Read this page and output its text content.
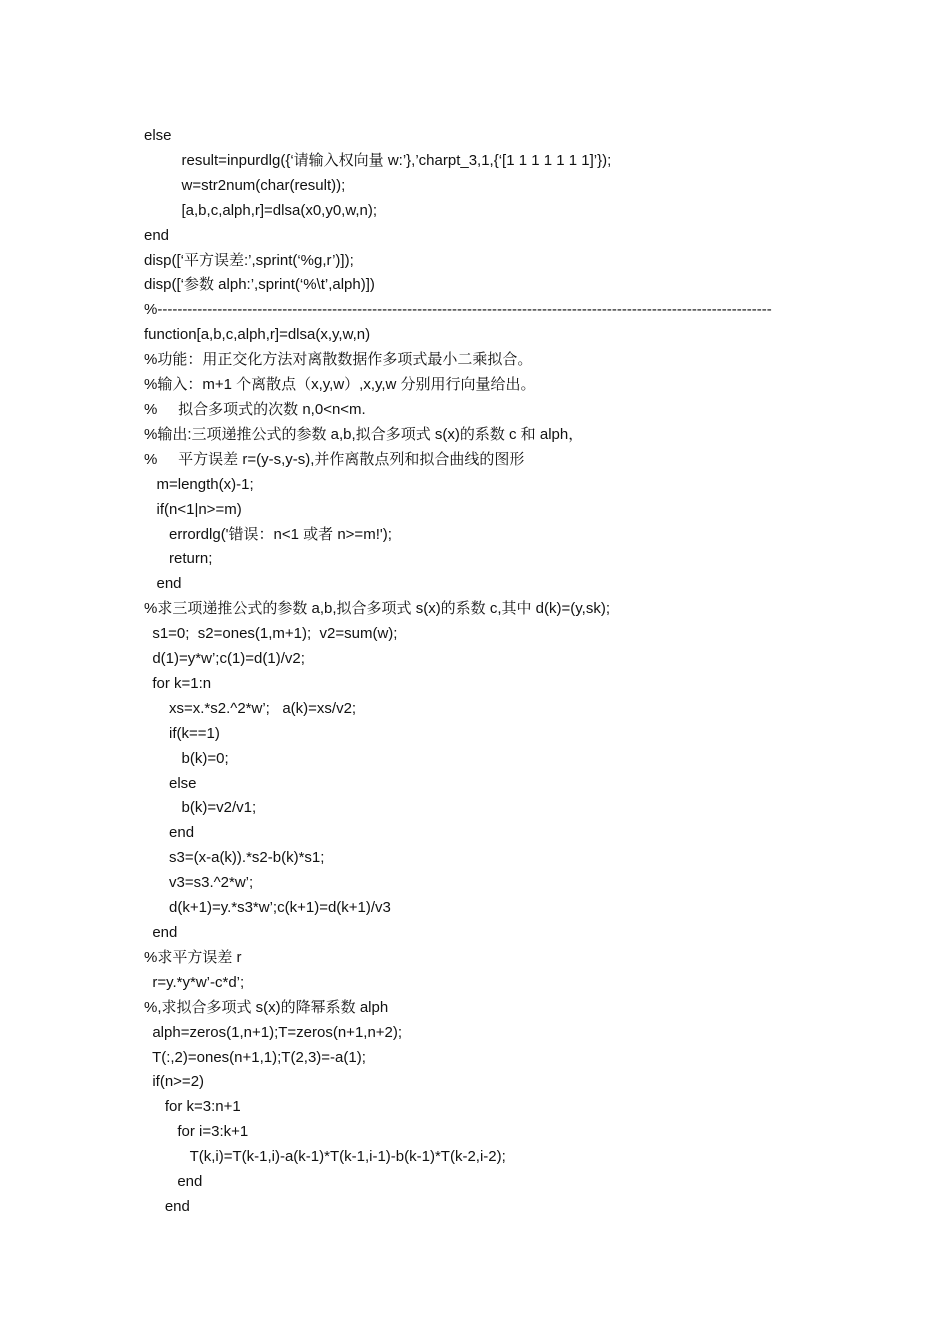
else
result=inpurdlg({‘请输入权向量 w:’},’charpt_3,1,{‘[1 1 1 1 1 1 1]’});
w=str2num(char(result));
[a,b,c,alph,r]=dlsa(x0,y0,w,n);
end
disp([‘平方误差:’,sprint(‘%g,r’)]);
disp([‘参数 alph:’,sprint(‘%\t’,alph)])
%---------------------------------------------------------------------------------------------------------------------------
function[a,b,c,alph,r]=dlsa(x,y,w,n)
%功能：用正交化方法对离散数据作多项式最小二乘拟合。
%输入：m+1 个离散点（x,y,w）,x,y,w 分别用行向量给出。
%     拟合多项式的次数 n,0<n<m.
%输出:三项递推公式的参数 a,b,拟合多项式 s(x)的系数 c 和 alph，
%     平方误差 r=(y-s,y-s),并作离散点列和拟合曲线的图形
m=length(x)-1;
if(n<1|n>=m)
errordlg('错误：n<1 或者 n>=m!');
return;
end
%求三项递推公式的参数 a,b,拟合多项式 s(x)的系数 c,其中 d(k)=(y,sk);
s1=0;  s2=ones(1,m+1);  v2=sum(w);
d(1)=y*w’;c(1)=d(1)/v2;
for k=1:n
xs=x.*s2.^2*w’;   a(k)=xs/v2;
if(k==1)
b(k)=0;
else
b(k)=v2/v1;
end
s3=(x-a(k)).*s2-b(k)*s1;
v3=s3.^2*w’;
d(k+1)=y.*s3*w’;c(k+1)=d(k+1)/v3
end
%求平方误差 r
r=y.*y*w’-c*d’;
%,求拟合多项式 s(x)的降幂系数 alph
alph=zeros(1,n+1);T=zeros(n+1,n+2);
T(:,2)=ones(n+1,1);T(2,3)=-a(1);
if(n>=2)
for k=3:n+1
for i=3:k+1
T(k,i)=T(k-1,i)-a(k-1)*T(k-1,i-1)-b(k-1)*T(k-2,i-2);
end
end
